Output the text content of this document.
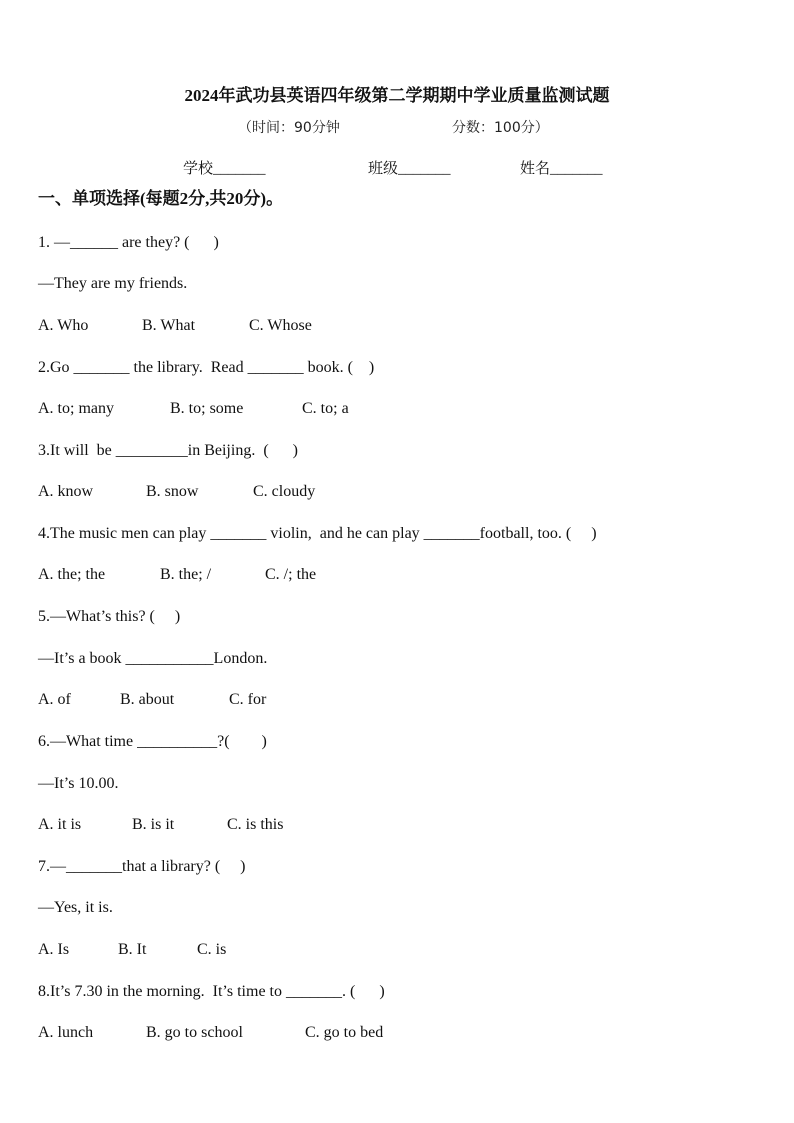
2024年武功县英语四年级第二学期期中学业质量监测试题
（时间：90分钟	分数：100分）
学校_______	班级_______	姓名_______
一、单项选择(每题2分,共20分)。
1. —______ are they? (      )
—They are my friends.
A. Who	B. What	C. Whose
2.Go _______ the library.  Read _______ book. (    )
A. to; many	B. to; some	C. to; a
3.It will  be _________in Beijing.  (      )
A. know	B. snow	C. cloudy
4.The music men can play _______ violin,  and he can play _______football, too. (     )
A. the; the	B. the; /	C. /; the
5.—What’s this? (     )
—It’s a book ___________London.
A. of	B. about	C. for
6.—What time __________?(        )
—It’s 10.00.
A. it is	B. is it	C. is this
7.—_______that a library? (     )
—Yes, it is.
A. Is	B. It	C. is
8.It’s 7.30 in the morning.  It’s time to _______. (      )
A. lunch	B. go to school	C. go to bed
